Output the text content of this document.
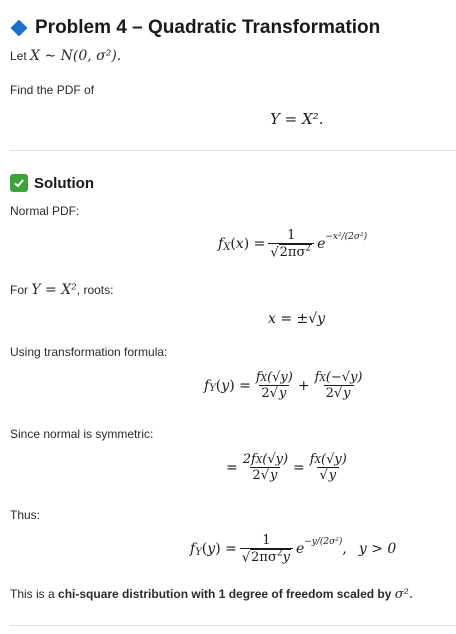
Problem 4 – Quadratic Transformation
Let X ∼ N(0, σ²).
Find the PDF of
Y = X².
Solution
Normal PDF:
f X ( x ) = $\frac{1}{√2\pi\sigma^2} e^{-x^2/(2\sigma^2)}$
For Y = X², roots:
x = ±√y
Using transformation formula:
f Y ( y ) = $\frac{fX(√y)}{2√y} + \frac{fX(-√y)}{2√y}$
Since normal is symmetric:
= $\frac{2fX(√y)}{2√y} = \frac{fX(√y)}{√y}$
Thus:
f Y ( y ) = $\frac{1}{√2\pi\sigma^2y} e^{-y/(2\sigma^2)}$ , y > 0
This is a chi-square distribution with 1 degree of freedom scaled by σ².
